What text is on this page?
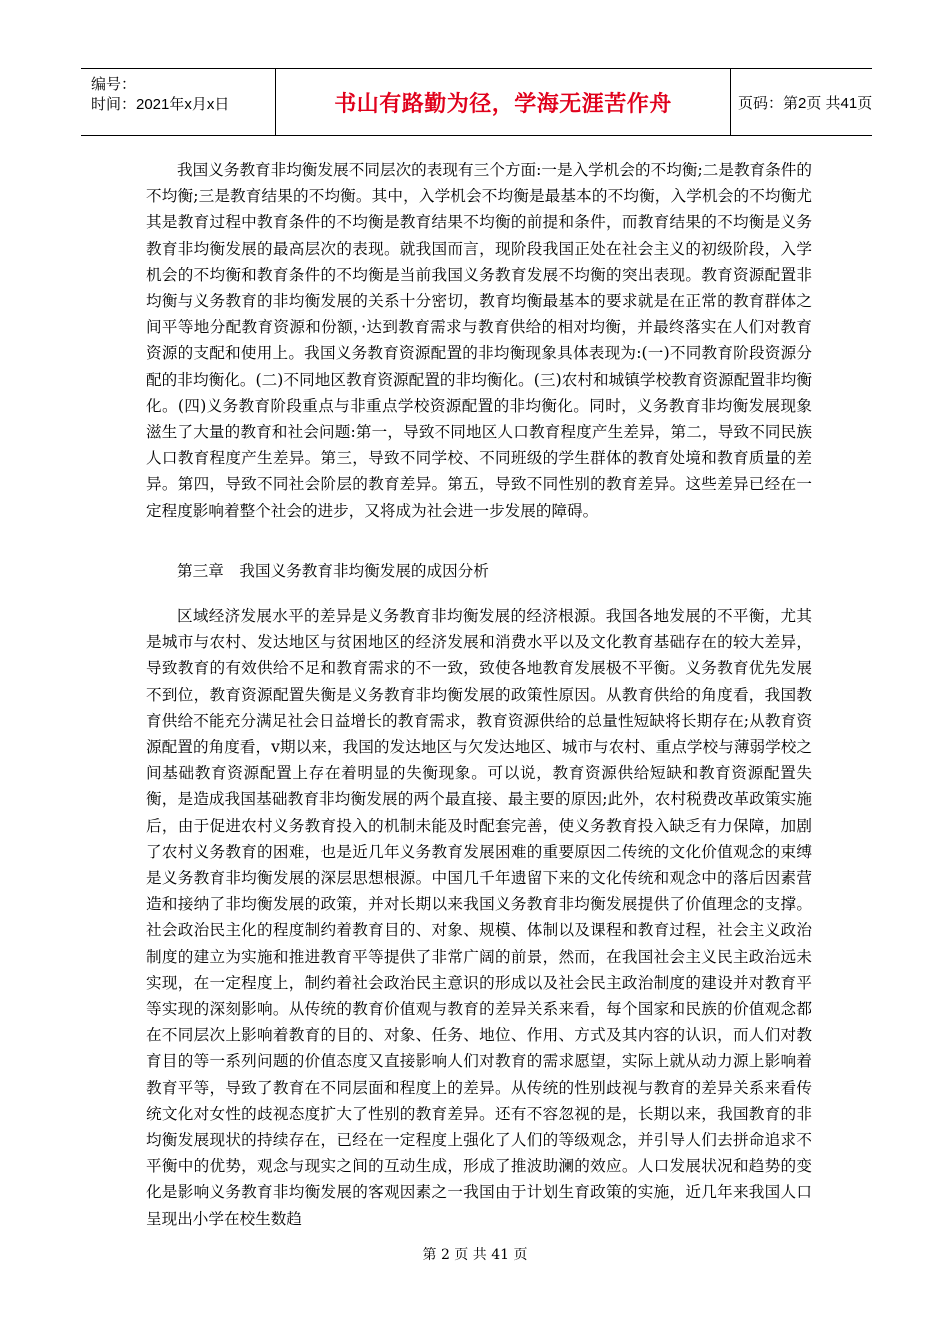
编号：
时间：2021年x月x日	书山有路勤为径，学海无涯苦作舟	页码：第2页 共41页

我国义务教育非均衡发展不同层次的表现有三个方面:一是入学机会的不均衡;二是教育条件的不均衡;三是教育结果的不均衡。其中，入学机会不均衡是最基本的不均衡，入学机会的不均衡尤其是教育过程中教育条件的不均衡是教育结果不均衡的前提和条件，而教育结果的不均衡是义务教育非均衡发展的最高层次的表现。就我国而言，现阶段我国正处在社会主义的初级阶段，入学机会的不均衡和教育条件的不均衡是当前我国义务教育发展不均衡的突出表现。教育资源配置非均衡与义务教育的非均衡发展的关系十分密切，教育均衡最基本的要求就是在正常的教育群体之间平等地分配教育资源和份额，·达到教育需求与教育供给的相对均衡，并最终落实在人们对教育资源的支配和使用上。我国义务教育资源配置的非均衡现象具体表现为:(一)不同教育阶段资源分配的非均衡化。(二)不同地区教育资源配置的非均衡化。(三)农村和城镇学校教育资源配置非均衡化。(四)义务教育阶段重点与非重点学校资源配置的非均衡化。同时，义务教育非均衡发展现象滋生了大量的教育和社会问题:第一，导致不同地区人口教育程度产生差异，第二，导致不同民族人口教育程度产生差异。第三，导致不同学校、不同班级的学生群体的教育处境和教育质量的差异。第四，导致不同社会阶层的教育差异。第五，导致不同性别的教育差异。这些差异已经在一定程度影响着整个社会的进步，又将成为社会进一步发展的障碍。

第三章　我国义务教育非均衡发展的成因分析

区域经济发展水平的差异是义务教育非均衡发展的经济根源。我国各地发展的不平衡，尤其是城市与农村、发达地区与贫困地区的经济发展和消费水平以及文化教育基础存在的较大差异，导致教育的有效供给不足和教育需求的不一致，致使各地教育发展极不平衡。义务教育优先发展不到位，教育资源配置失衡是义务教育非均衡发展的政策性原因。从教育供给的角度看，我国教育供给不能充分满足社会日益增长的教育需求，教育资源供给的总量性短缺将长期存在;从教育资源配置的角度看，v期以来，我国的发达地区与欠发达地区、城市与农村、重点学校与薄弱学校之间基础教育资源配置上存在着明显的失衡现象。可以说，教育资源供给短缺和教育资源配置失衡，是造成我国基础教育非均衡发展的两个最直接、最主要的原因;此外，农村税费改革政策实施后，由于促进农村义务教育投入的机制未能及时配套完善，使义务教育投入缺乏有力保障，加剧了农村义务教育的困难，也是近几年义务教育发展困难的重要原因二传统的文化价值观念的束缚是义务教育非均衡发展的深层思想根源。中国几千年遗留下来的文化传统和观念中的落后因素营造和接纳了非均衡发展的政策，并对长期以来我国义务教育非均衡发展提供了价值理念的支撑。社会政治民主化的程度制约着教育目的、对象、规模、体制以及课程和教育过程，社会主义政治制度的建立为实施和推进教育平等提供了非常广阔的前景，然而，在我国社会主义民主政治远未实现，在一定程度上，制约着社会政治民主意识的形成以及社会民主政治制度的建设并对教育平等实现的深刻影响。从传统的教育价值观与教育的差异关系来看，每个国家和民族的价值观念都在不同层次上影响着教育的目的、对象、任务、地位、作用、方式及其内容的认识，而人们对教育目的等一系列问题的价值态度又直接影响人们对教育的需求愿望，实际上就从动力源上影响着教育平等，导致了教育在不同层面和程度上的差异。从传统的性别歧视与教育的差异关系来看传统文化对女性的歧视态度扩大了性别的教育差异。还有不容忽视的是，长期以来，我国教育的非均衡发展现状的持续存在，已经在一定程度上强化了人们的等级观念，并引导人们去拼命追求不平衡中的优势，观念与现实之间的互动生成，形成了推波助澜的效应。人口发展状况和趋势的变化是影响义务教育非均衡发展的客观因素之一我国由于计划生育政策的实施，近几年来我国人口呈现出小学在校生数趋

第 2 页 共 41 页
